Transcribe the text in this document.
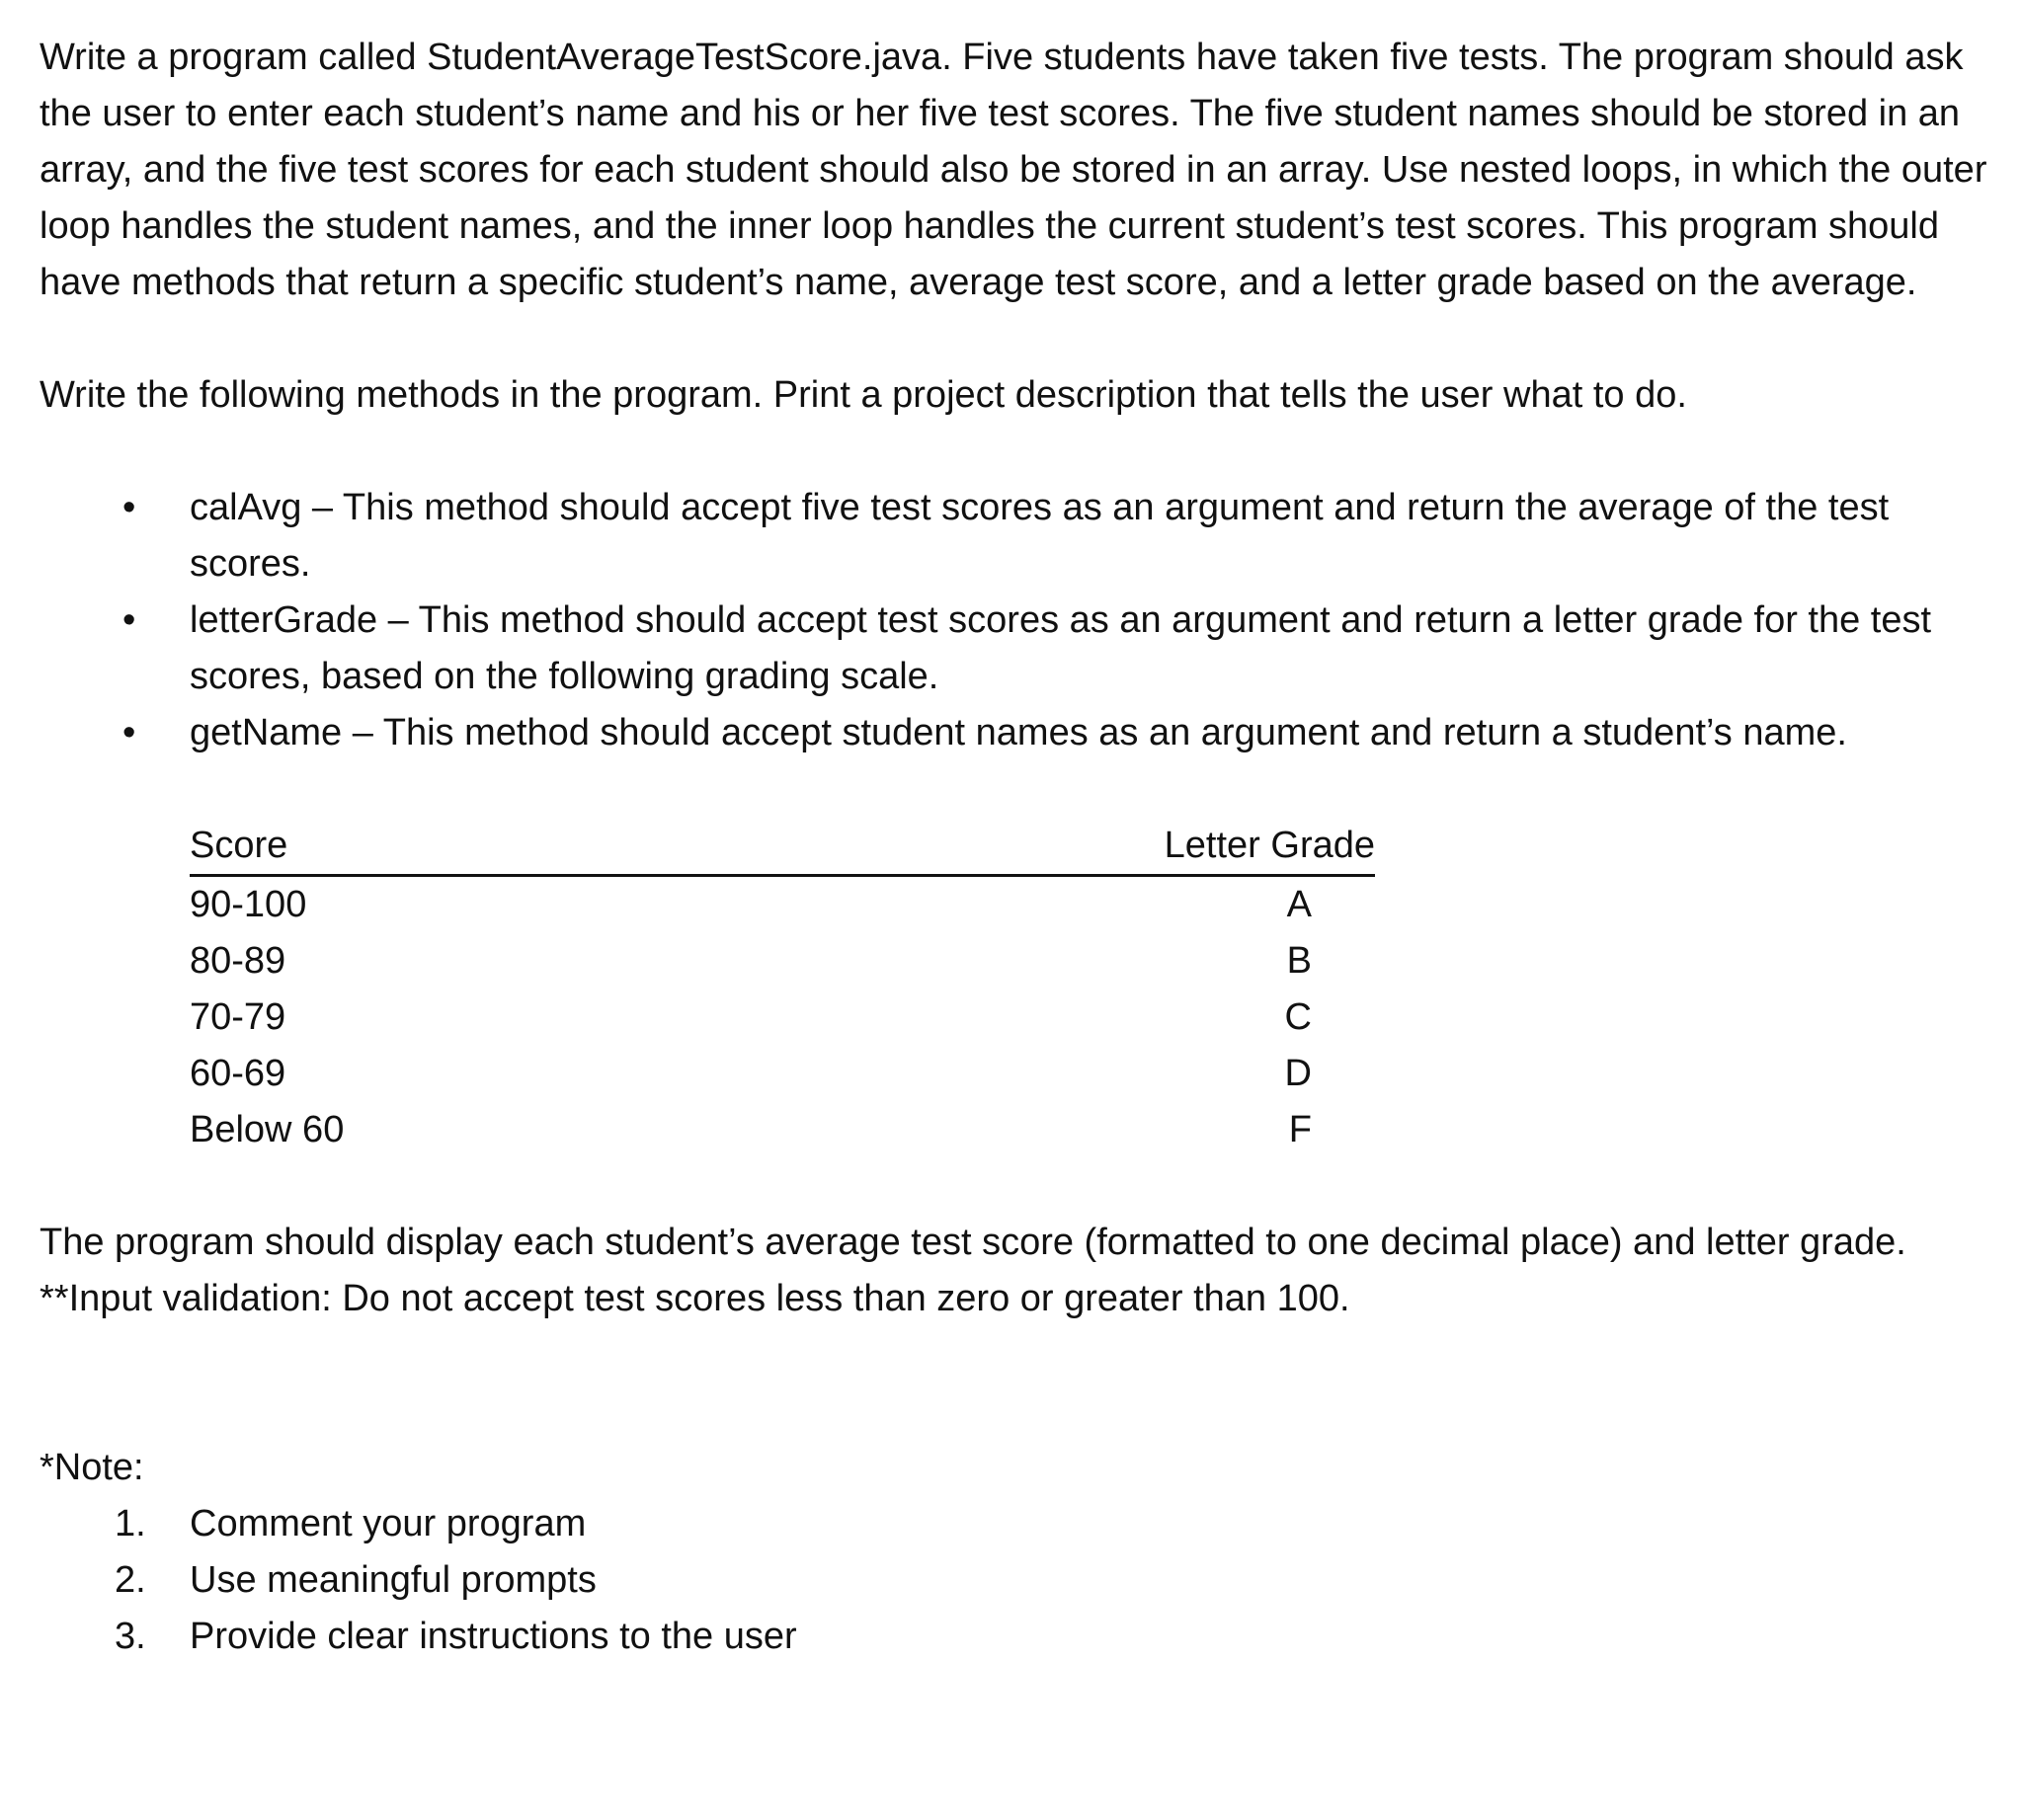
Write a program called StudentAverageTestScore.java. Five students have taken five tests. The program should ask the user to enter each student’s name and his or her five test scores. The five student names should be stored in an array, and the five test scores for each student should also be stored in an array. Use nested loops, in which the outer loop handles the student names, and the inner loop handles the current student’s test scores. This program should have methods that return a specific student’s name, average test score, and a letter grade based on the average.

Write the following methods in the program. Print a project description that tells the user what to do.

• calAvg – This method should accept five test scores as an argument and return the average of the test scores.
• letterGrade – This method should accept test scores as an argument and return a letter grade for the test scores, based on the following grading scale.
• getName – This method should accept student names as an argument and return a student’s name.
Score	Letter Grade
90-100	A
80-89	B
70-79	C
60-69	D
Below 60	F

The program should display each student’s average test score (formatted to one decimal place) and letter grade. **Input validation: Do not accept test scores less than zero or greater than 100.

*Note:

1. Comment your program
2. Use meaningful prompts
3. Provide clear instructions to the user
